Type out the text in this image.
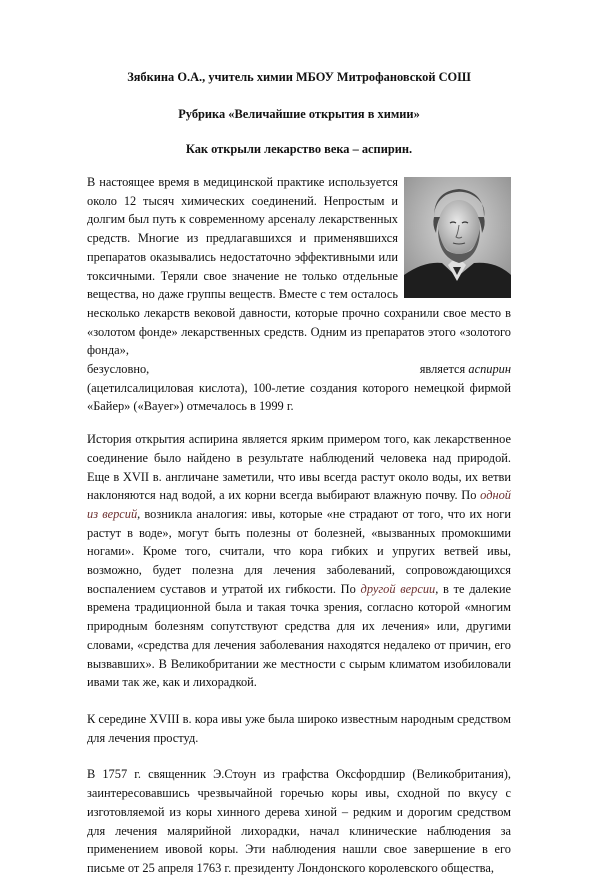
Зябкина О.А., учитель химии МБОУ Митрофановской СОШ

Рубрика «Величайшие открытия в химии»

Как открыли лекарство века – аспирин.

В настоящее время в медицинской практике используется около 12 тысяч химических соединений. Непростым и долгим был путь к современному арсеналу лекарственных средств. Многие из предлагавшихся и применявшихся препаратов оказывались недостаточно эффективными или токсичными. Теряли свое значение не только отдельные вещества, но даже группы веществ. Вместе с тем осталось несколько лекарств вековой давности, которые прочно сохранили свое место в «золотом фонде» лекарственных средств. Одним из препаратов этого «золотого фонда»,
безусловно,	является аспирин
(ацетилсалициловая кислота), 100-летие создания которого немецкой фирмой «Байер» («Bayer») отмечалось в 1999 г.

История открытия аспирина является ярким примером того, как лекарственное соединение было найдено в результате наблюдений человека над природой. Еще в XVII в. англичане заметили, что ивы всегда растут около воды, их ветви наклоняются над водой, а их корни всегда выбирают влажную почву. По одной из версий, возникла аналогия: ивы, которые «не страдают от того, что их ноги растут в воде», могут быть полезны от болезней, «вызванных промокшими ногами». Кроме того, считали, что кора гибких и упругих ветвей ивы, возможно, будет полезна для лечения заболеваний, сопровождающихся воспалением суставов и утратой их гибкости. По другой версии, в те далекие времена традиционной была и такая точка зрения, согласно которой «многим природным болезням сопутствуют средства для их лечения» или, другими словами, «средства для лечения заболевания находятся недалеко от причин, его вызвавших». В Великобритании же местности с сырым климатом изобиловали ивами так же, как и лихорадкой.

К середине XVIII в. кора ивы уже была широко известным народным средством для лечения простуд.

В 1757 г. священник Э.Стоун из графства Оксфордшир (Великобритания), заинтересовавшись чрезвычайной горечью коры ивы, сходной по вкусу с изготовляемой из коры хинного дерева хиной – редким и дорогим средством для лечения малярийной лихорадки, начал клинические наблюдения за применением ивовой коры. Эти наблюдения нашли свое завершение в его письме от 25 апреля 1763 г. президенту Лондонского королевского общества,
